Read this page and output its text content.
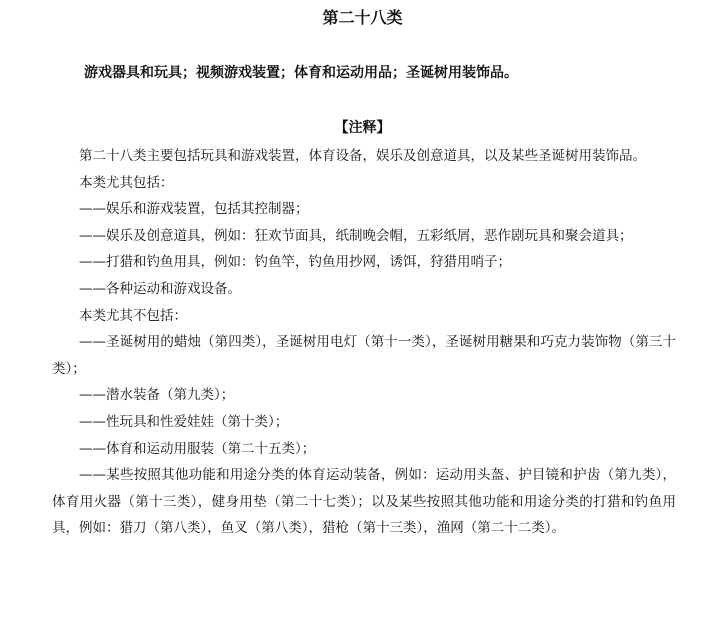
第二十八类
游戏器具和玩具；视频游戏装置；体育和运动用品；圣诞树用装饰品。
【注释】

第二十八类主要包括玩具和游戏装置，体育设备，娱乐及创意道具，以及某些圣诞树用装饰品。

本类尤其包括：

——娱乐和游戏装置，包括其控制器；

——娱乐及创意道具，例如：狂欢节面具，纸制晚会帽，五彩纸屑，恶作剧玩具和聚会道具；

——打猎和钓鱼用具，例如：钓鱼竿，钓鱼用抄网，诱饵，狩猎用哨子；

——各种运动和游戏设备。

本类尤其不包括：

——圣诞树用的蜡烛（第四类），圣诞树用电灯（第十一类），圣诞树用糖果和巧克力装饰物（第三十类）；

——潜水装备（第九类）；

——性玩具和性爱娃娃（第十类）；

——体育和运动用服装（第二十五类）；

——某些按照其他功能和用途分类的体育运动装备，例如：运动用头盔、护目镜和护齿（第九类），体育用火器（第十三类），健身用垫（第二十七类）；以及某些按照其他功能和用途分类的打猎和钓鱼用具，例如：猎刀（第八类），鱼叉（第八类），猎枪（第十三类），渔网（第二十二类）。
